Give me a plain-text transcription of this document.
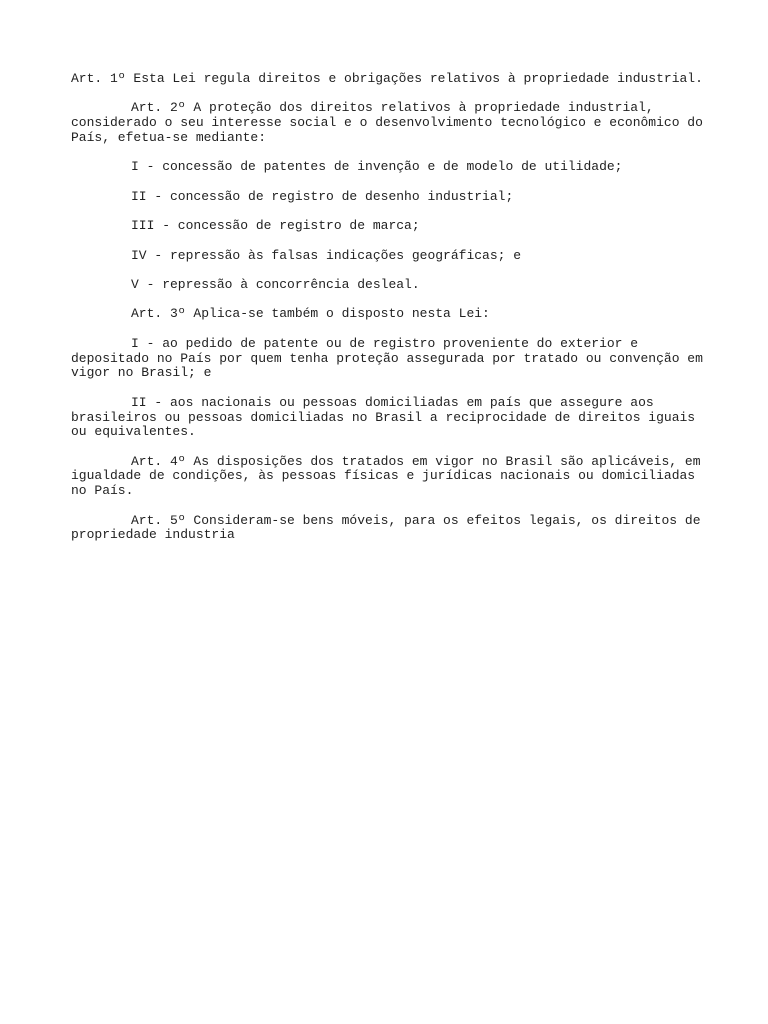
Art. 1º Esta Lei regula direitos e obrigações relativos à propriedade industrial.

Art. 2º A proteção dos direitos relativos à propriedade industrial, considerado o seu interesse social e o desenvolvimento tecnológico e econômico do País, efetua-se mediante:

I - concessão de patentes de invenção e de modelo de utilidade;

II - concessão de registro de desenho industrial;

III - concessão de registro de marca;

IV - repressão às falsas indicações geográficas; e

V - repressão à concorrência desleal.

Art. 3º Aplica-se também o disposto nesta Lei:

I - ao pedido de patente ou de registro proveniente do exterior e depositado no País por quem tenha proteção assegurada por tratado ou convenção em vigor no Brasil; e

II - aos nacionais ou pessoas domiciliadas em país que assegure aos brasileiros ou pessoas domiciliadas no Brasil a reciprocidade de direitos iguais ou equivalentes.

Art. 4º As disposições dos tratados em vigor no Brasil são aplicáveis, em igualdade de condições, às pessoas físicas e jurídicas nacionais ou domiciliadas no País.

Art. 5º Consideram-se bens móveis, para os efeitos legais, os direitos de propriedade industria
